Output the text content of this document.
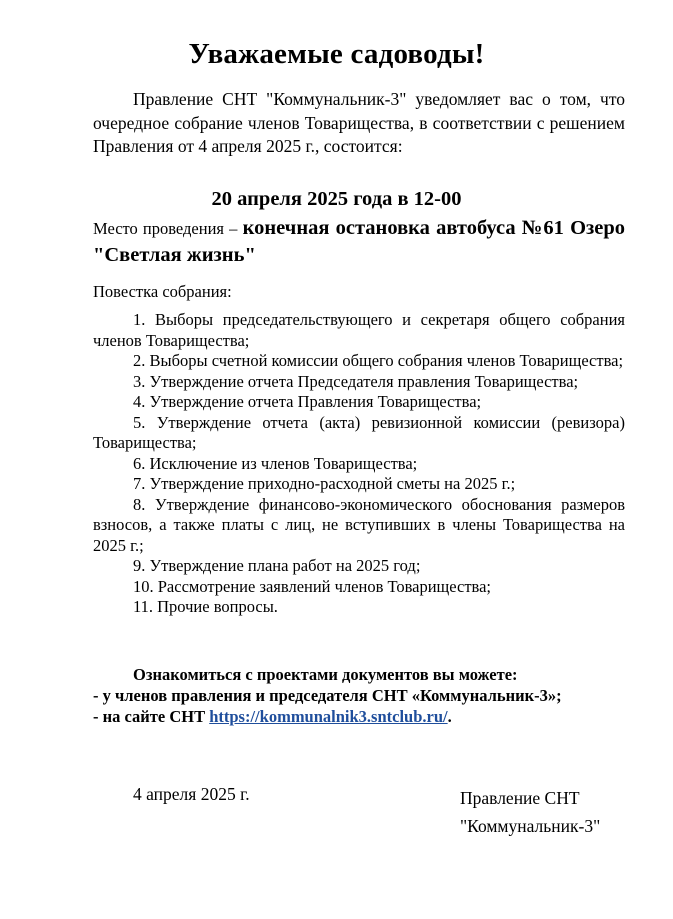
Уважаемые садоводы!

Правление СНТ "Коммунальник-3" уведомляет вас о том, что очередное собрание членов Товарищества, в соответствии с решением Правления от 4 апреля 2025 г., состоится:

20 апреля 2025 года в 12-00
Место проведения – конечная остановка автобуса №61 Озеро "Светлая жизнь"
Повестка собрания:
1. Выборы председательствующего и секретаря общего собрания членов Товарищества;
2. Выборы счетной комиссии общего собрания членов Товарищества;
3. Утверждение отчета Председателя правления Товарищества;
4. Утверждение отчета Правления Товарищества;
5. Утверждение отчета (акта) ревизионной комиссии (ревизора) Товарищества;
6. Исключение из членов Товарищества;
7. Утверждение приходно-расходной сметы на 2025 г.;
8. Утверждение финансово-экономического обоснования размеров взносов, а также платы с лиц, не вступивших в члены Товарищества на 2025 г.;
9. Утверждение плана работ на 2025 год;
10. Рассмотрение заявлений членов Товарищества;
11. Прочие вопросы.
Ознакомиться с проектами документов вы можете:
- у членов правления и председателя СНТ «Коммунальник-3»;
- на сайте СНТ https://kommunalnik3.sntclub.ru/.
4 апреля 2025 г.	Правление СНТ
"Коммунальник-3"
